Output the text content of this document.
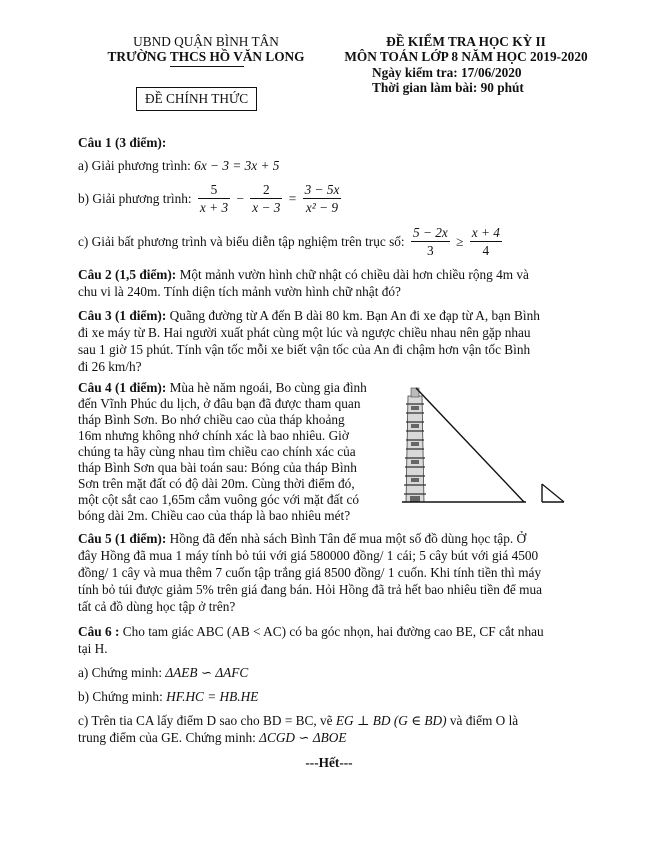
UBND QUẬN BÌNH TÂN
TRƯỜNG THCS HỒ VĂN LONG
ĐỀ KIỂM TRA HỌC KỲ II
MÔN TOÁN LỚP 8 NĂM HỌC 2019-2020
Ngày kiểm tra: 17/06/2020
Thời gian làm bài: 90 phút
ĐỀ CHÍNH THỨC
Câu 1 (3 điểm):
a) Giải phương trình: 6x − 3 = 3x + 5
b) Giải phương trình: $\frac{5}{x + 3} - \frac{2}{x - 3} = \frac{3 - 5x}{\text{x² − 9}}$
c) Giải bất phương trình và biểu diễn tập nghiệm trên trục số: $\frac{5 - 2x}{3} \ge \frac{x + 4}{4}$
Câu 2 (1,5 điểm): Một mảnh vườn hình chữ nhật có chiều dài hơn chiều rộng 4m và
chu vi là 240m. Tính diện tích mảnh vườn hình chữ nhật đó?
Câu 3 (1 điểm): Quãng đường từ A đến B dài 80 km. Bạn An đi xe đạp từ A, bạn Bình
đi xe máy từ B. Hai người xuất phát cùng một lúc và ngược chiều nhau nên gặp nhau
sau 1 giờ 15 phút. Tính vận tốc mỗi xe biết vận tốc của An đi chậm hơn vận tốc Bình
đi 26 km/h?
Câu 4 (1 điểm): Mùa hè năm ngoái, Bo cùng gia đình
đến Vĩnh Phúc du lịch, ở đâu bạn đã được tham quan
tháp Bình Sơn. Bo nhớ chiều cao của tháp khoảng
16m nhưng không nhớ chính xác là bao nhiêu. Giờ
chúng ta hãy cùng nhau tìm chiều cao chính xác của
tháp Bình Sơn qua bài toán sau: Bóng của tháp Bình
Sơn trên mặt đất có độ dài 20m. Cùng thời điểm đó,
một cột sắt cao 1,65m cắm vuông góc với mặt đất có
bóng dài 2m. Chiều cao của tháp là bao nhiêu mét?
Câu 5 (1 điểm): Hồng đã đến nhà sách Bình Tân để mua một số đồ dùng học tập. Ở
đây Hồng đã mua 1 máy tính bỏ túi với giá 580000 đồng/ 1 cái; 5 cây bút với giá 4500
đồng/ 1 cây và mua thêm 7 cuốn tập trắng giá 8500 đồng/ 1 cuốn. Khi tính tiền thì máy
tính bỏ túi được giảm 5% trên giá đang bán. Hỏi Hồng đã trả hết bao nhiêu tiền để mua
tất cả đồ dùng học tập ở trên?
Câu 6 : Cho tam giác ABC (AB < AC) có ba góc nhọn, hai đường cao BE, CF cắt nhau
tại H.
a) Chứng minh: ΔAEB ∽ ΔAFC
b) Chứng minh: HF.HC = HB.HE
c) Trên tia CA lấy điểm D sao cho BD = BC, vẽ EG ⊥ BD (G ∈ BD) và điểm O là
trung điểm của GE. Chứng minh: ΔCGD ∽ ΔBOE
---Hết---
